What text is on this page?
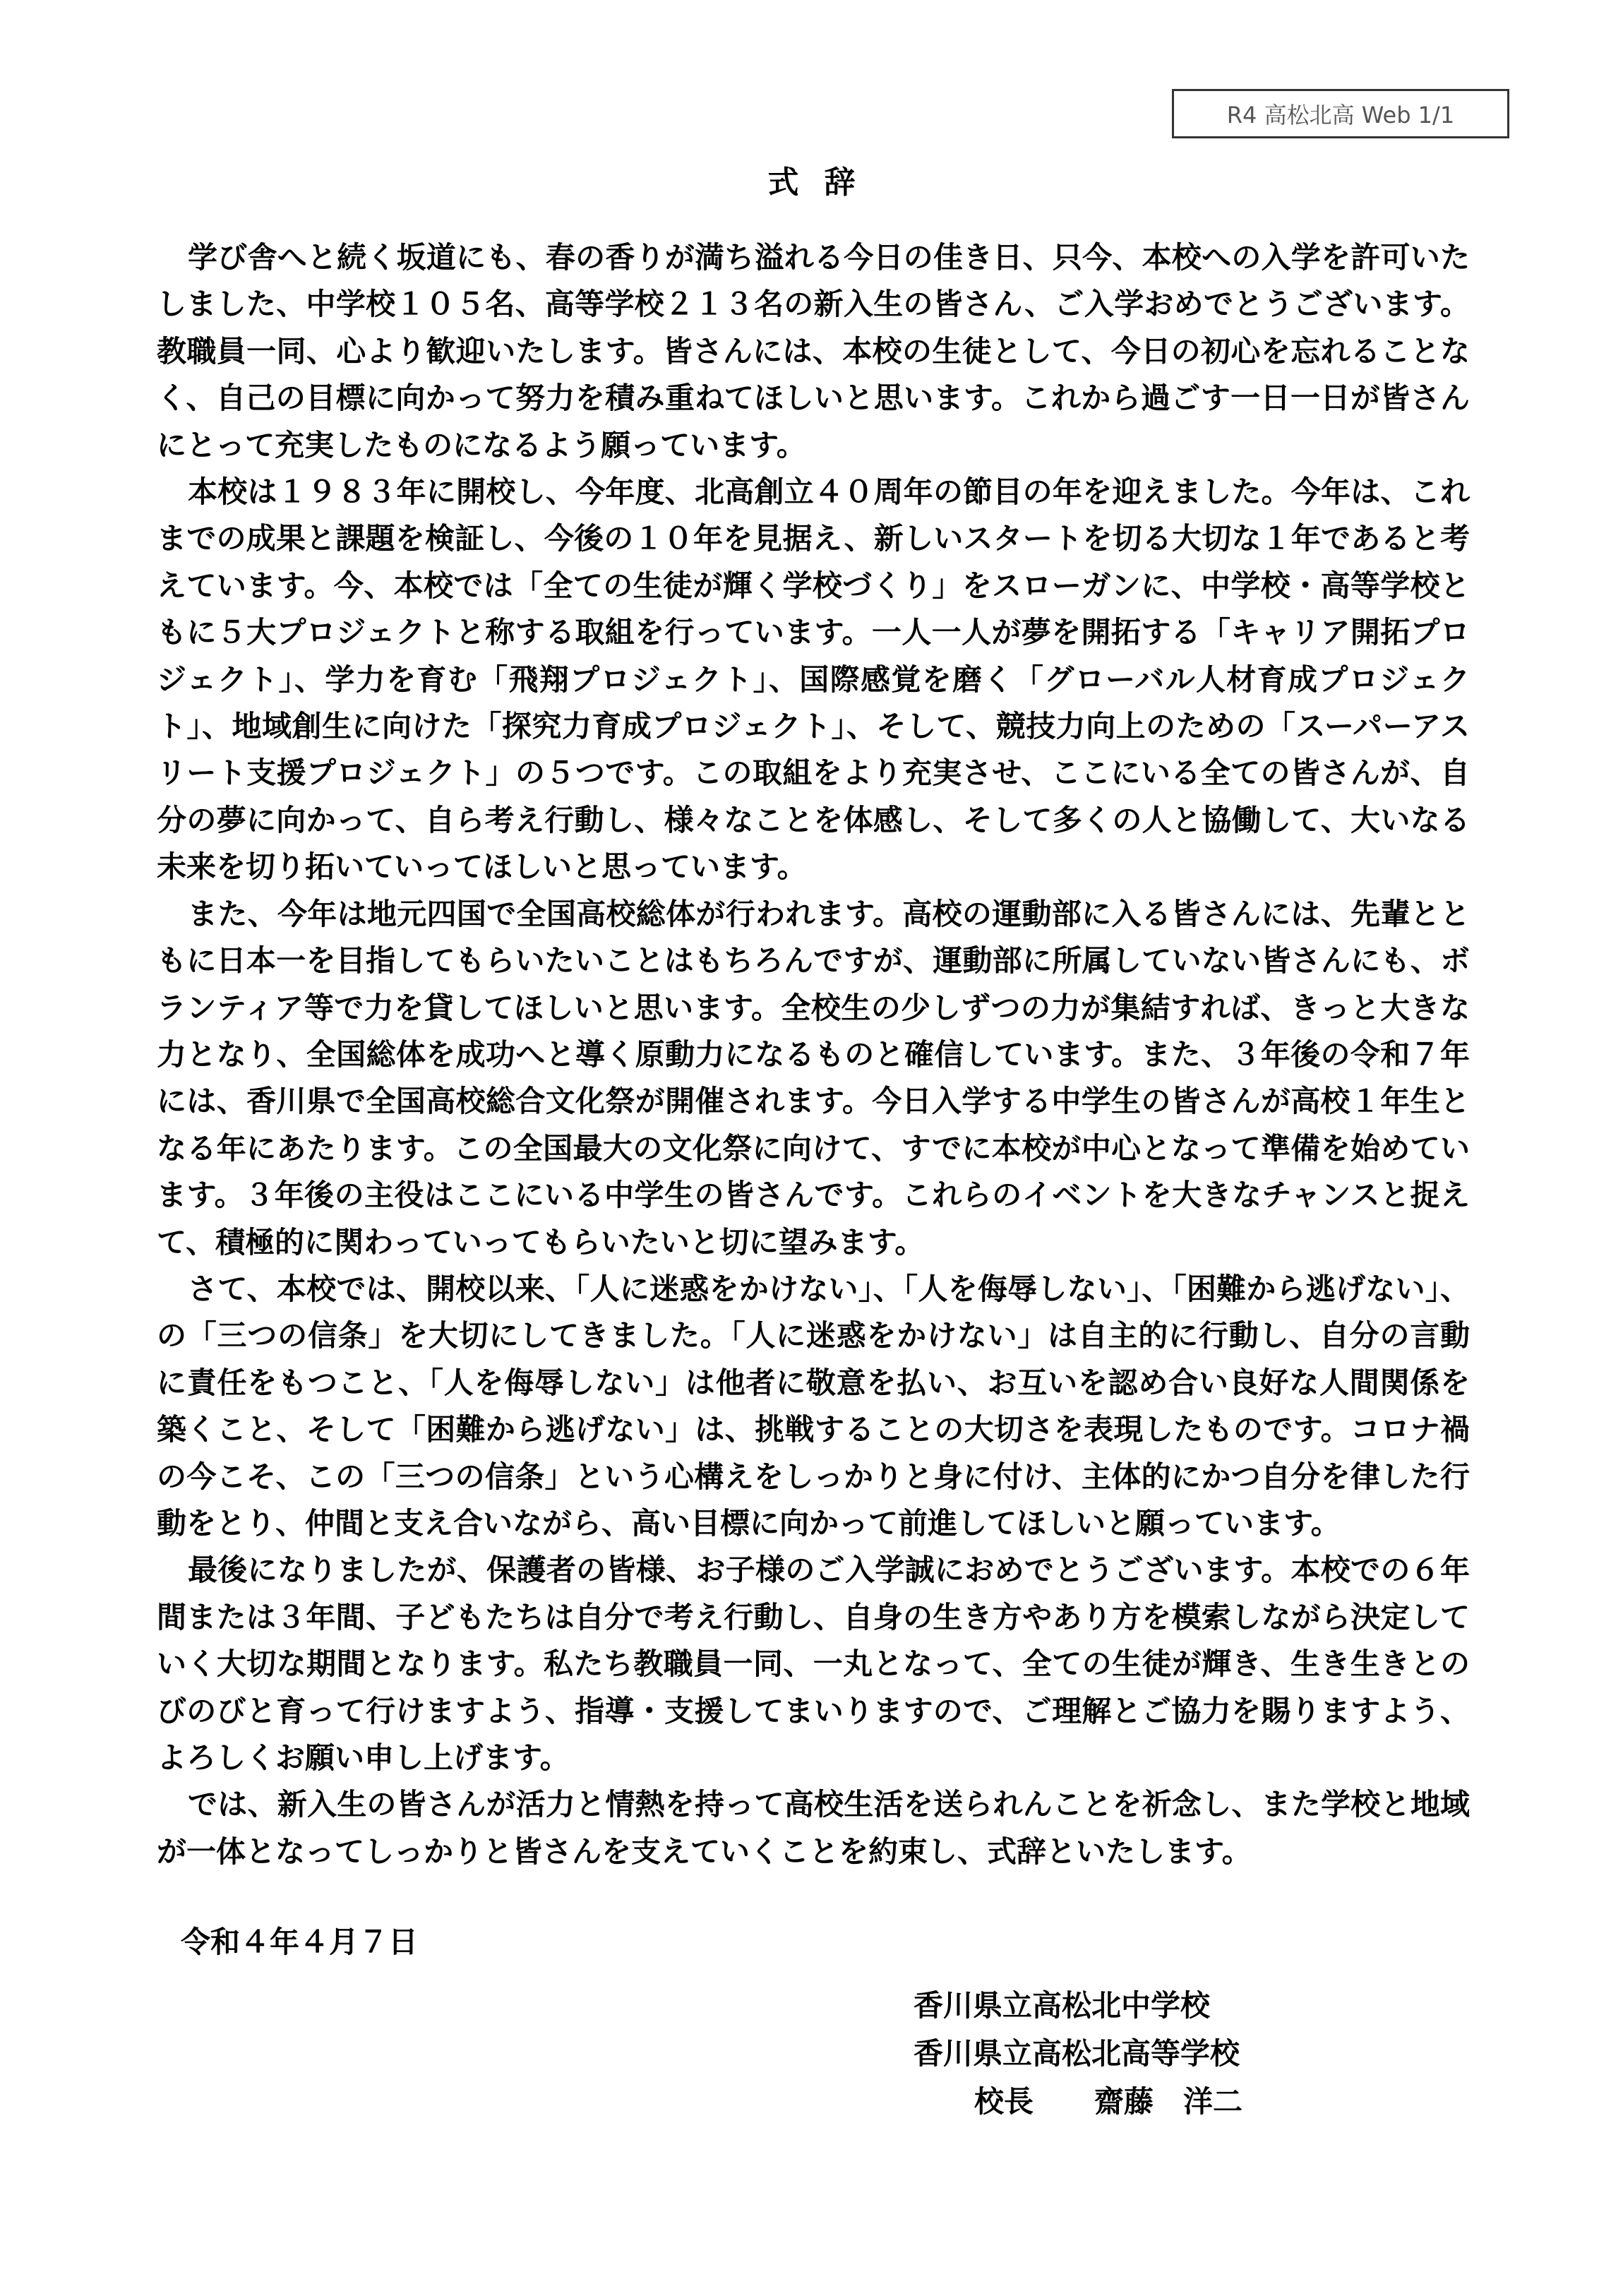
R4 高松北高 Web 1/1
式辞

学び舎へと続く坂道にも、春の香りが満ち溢れる今日の佳き日、只今、本校への入学を許可いたしました、中学校１０５名、高等学校２１３名の新入生の皆さん、ご入学おめでとうございます。教職員一同、心より歓迎いたします。皆さんには、本校の生徒として、今日の初心を忘れることなく、自己の目標に向かって努力を積み重ねてほしいと思います。これから過ごす一日一日が皆さんにとって充実したものになるよう願っています。

本校は１９８３年に開校し、今年度、北高創立４０周年の節目の年を迎えました。今年は、これまでの成果と課題を検証し、今後の１０年を見据え、新しいスタートを切る大切な１年であると考えています。今、本校では「全ての生徒が輝く学校づくり」をスローガンに、中学校・高等学校ともに５大プロジェクトと称する取組を行っています。一人一人が夢を開拓する「キャリア開拓プロジェクト」、学力を育む「飛翔プロジェクト」、国際感覚を磨く「グローバル人材育成プロジェクト」、地域創生に向けた「探究力育成プロジェクト」、そして、競技力向上のための「スーパーアスリート支援プロジェクト」の５つです。この取組をより充実させ、ここにいる全ての皆さんが、自分の夢に向かって、自ら考え行動し、様々なことを体感し、そして多くの人と協働して、大いなる未来を切り拓いていってほしいと思っています。

また、今年は地元四国で全国高校総体が行われます。高校の運動部に入る皆さんには、先輩とともに日本一を目指してもらいたいことはもちろんですが、運動部に所属していない皆さんにも、ボランティア等で力を貸してほしいと思います。全校生の少しずつの力が集結すれば、きっと大きな力となり、全国総体を成功へと導く原動力になるものと確信しています。また、３年後の令和７年には、香川県で全国高校総合文化祭が開催されます。今日入学する中学生の皆さんが高校１年生となる年にあたります。この全国最大の文化祭に向けて、すでに本校が中心となって準備を始めています。３年後の主役はここにいる中学生の皆さんです。これらのイベントを大きなチャンスと捉えて、積極的に関わっていってもらいたいと切に望みます。

さて、本校では、開校以来、「人に迷惑をかけない」、「人を侮辱しない」、「困難から逃げない」、の「三つの信条」を大切にしてきました。「人に迷惑をかけない」は自主的に行動し、自分の言動に責任をもつこと、「人を侮辱しない」は他者に敬意を払い、お互いを認め合い良好な人間関係を築くこと、そして「困難から逃げない」は、挑戦することの大切さを表現したものです。コロナ禍の今こそ、この「三つの信条」という心構えをしっかりと身に付け、主体的にかつ自分を律した行動をとり、仲間と支え合いながら、高い目標に向かって前進してほしいと願っています。

最後になりましたが、保護者の皆様、お子様のご入学誠におめでとうございます。本校での６年間または３年間、子どもたちは自分で考え行動し、自身の生き方やあり方を模索しながら決定していく大切な期間となります。私たち教職員一同、一丸となって、全ての生徒が輝き、生き生きとのびのびと育って行けますよう、指導・支援してまいりますので、ご理解とご協力を賜りますよう、よろしくお願い申し上げます。

では、新入生の皆さんが活力と情熱を持って高校生活を送られんことを祈念し、また学校と地域が一体となってしっかりと皆さんを支えていくことを約束し、式辞といたします。

令和４年４月７日
香川県立高松北中学校
香川県立高松北高等学校
校長 齋藤　洋二
